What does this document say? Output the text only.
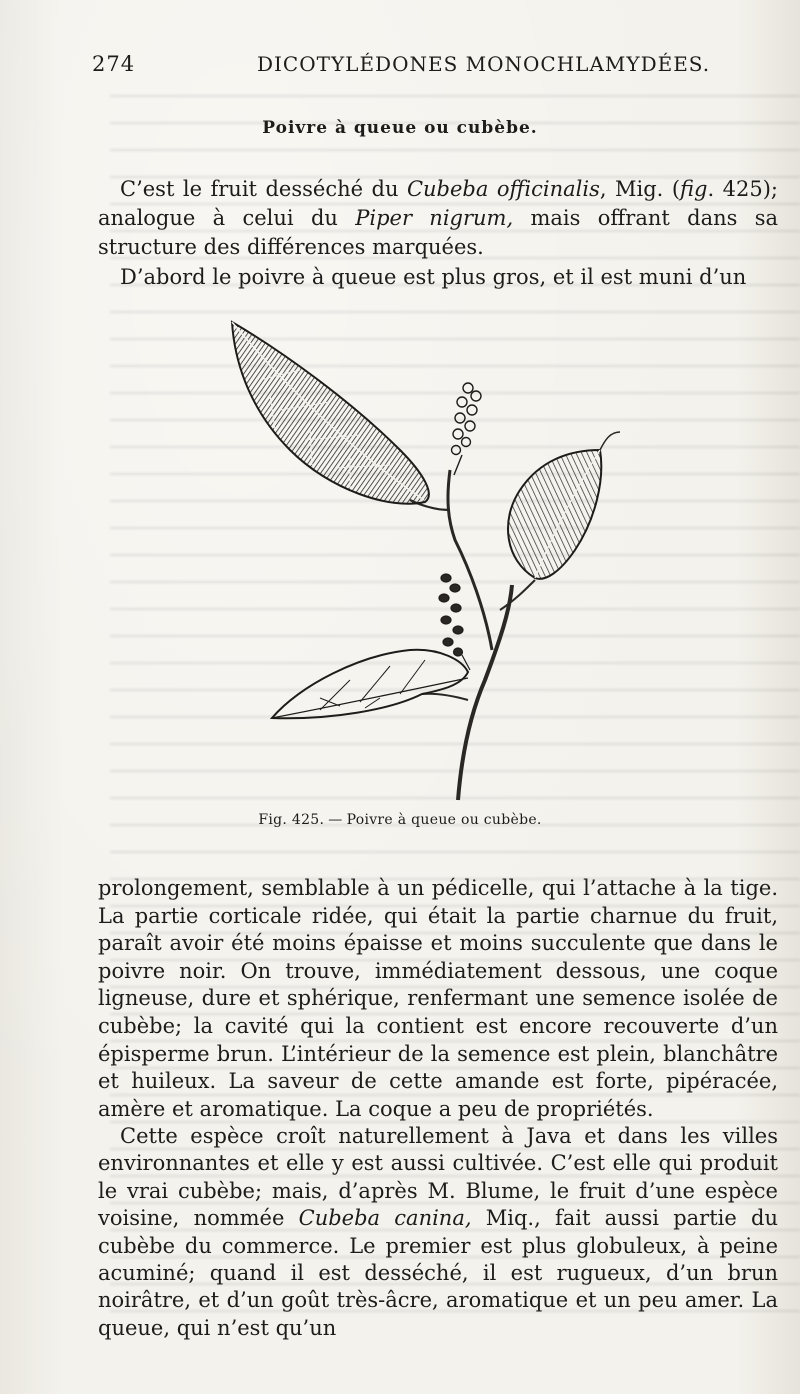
274	DICOTYLÉDONES MONOCHLAMYDÉES.
Poivre à queue ou cubèbe.

C’est le fruit desséché du Cubeba officinalis, Mig. (fig. 425); analogue à celui du Piper nigrum, mais offrant dans sa structure des différences marquées.

D’abord le poivre à queue est plus gros, et il est muni d’un

Fig. 425. — Poivre à queue ou cubèbe.

prolongement, semblable à un pédicelle, qui l’attache à la tige. La partie corticale ridée, qui était la partie charnue du fruit, paraît avoir été moins épaisse et moins succulente que dans le poivre noir. On trouve, immédiatement dessous, une coque ligneuse, dure et sphérique, renfermant une semence isolée de cubèbe; la cavité qui la contient est encore recouverte d’un épisperme brun. L’intérieur de la semence est plein, blanchâtre et huileux. La saveur de cette amande est forte, pipéracée, amère et aromatique. La coque a peu de propriétés.

Cette espèce croît naturellement à Java et dans les villes environnantes et elle y est aussi cultivée. C’est elle qui produit le vrai cubèbe; mais, d’après M. Blume, le fruit d’une espèce voisine, nommée Cubeba canina, Miq., fait aussi partie du cubèbe du commerce. Le premier est plus globuleux, à peine acuminé; quand il est desséché, il est rugueux, d’un brun noirâtre, et d’un goût très-âcre, aromatique et un peu amer. La queue, qui n’est qu’un
